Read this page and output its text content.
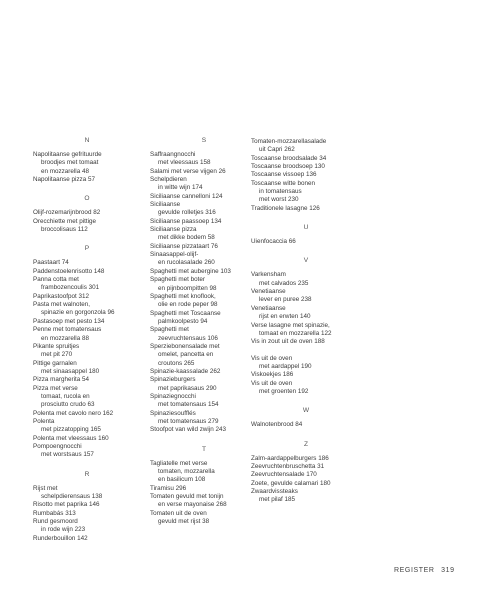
N
Napolitaanse gefrituurde
broodjes met tomaat
en mozzarella 48
Napolitaanse pizza 57
O
Olijf-rozemarijnbrood 82
Orecchiette met pittige
broccolisaus 112
P
Paastaart 74
Paddenstoelenrisotto 148
Panna cotta met
frambozencoulis 301
Paprikastoofpot 312
Pasta met walnoten,
spinazie en gorgonzola 96
Pastasoep met pesto 134
Penne met tomatensaus
en mozzarella 88
Pikante spruitjes
met pit 270
Pittige garnalen
met sinaasappel 180
Pizza margherita 54
Pizza met verse
tomaat, rucola en
prosciutto crudo 63
Polenta met cavolo nero 162
Polenta
met pizzatopping 165
Polenta met vleessaus 160
Pompoengnocchi
met worstsaus 157
R
Rijst met
schelpdierensaus 138
Risotto met paprika 146
Rumbabás 313
Rund gesmoord
in rode wijn 223
Runderbouillon 142
S
Saffraangnocchi
met vleessaus 158
Salami met verse vijgen 26
Schelpdieren
in witte wijn 174
Siciliaanse cannelloni 124
Siciliaanse
gevulde rolletjes 316
Siciliaanse paassoep 134
Siciliaanse pizza
met dikke bodem 58
Siciliaanse pizzataart 76
Sinaasappel-olijf-
en rucolasalade 260
Spaghetti met aubergine 103
Spaghetti met boter
en pijnboompitten 98
Spaghetti met knoflook,
olie en rode peper 98
Spaghetti met Toscaanse
palmkoolpesto 94
Spaghetti met
zeevruchtensaus 106
Sperziebonensalade met
omelet, pancetta en
croutons 265
Spinazie-kaassalade 262
Spinazieburgers
met paprikasaus 290
Spinaziegnocchi
met tomatensaus 154
Spinaziesoufflés
met tomatensaus 279
Stoofpot van wild zwijn 243
T
Tagliatelle met verse
tomaten, mozzarella
en basilicum 108
Tiramisu 296
Tomaten gevuld met tonijn
en verse mayonaise 268
Tomaten uit de oven
gevuld met rijst 38
Tomaten-mozzarellasalade
uit Capri 262
Toscaanse broodsalade 34
Toscaanse broodsoep 130
Toscaanse vissoep 136
Toscaanse witte bonen
in tomatensaus
met worst 230
Traditionele lasagne 126
U
Uienfocaccia 66
V
Varkensham
met calvados 235
Venetiaanse
lever en puree 238
Venetiaanse
rijst en erwten 140
Verse lasagne met spinazie,
tomaat en mozzarella 122
Vis in zout uit de oven 188
Vis uit de oven
met aardappel 190
Viskoekjes 186
Vis uit de oven
met groenten 192
W
Walnotenbrood 84
Z
Zalm-aardappelburgers 186
Zeevruchtenbruschetta 31
Zeevruchtensalade 170
Zoete, gevulde calamari 180
Zwaardvissteaks
met pilaf 185
REGISTER 319
